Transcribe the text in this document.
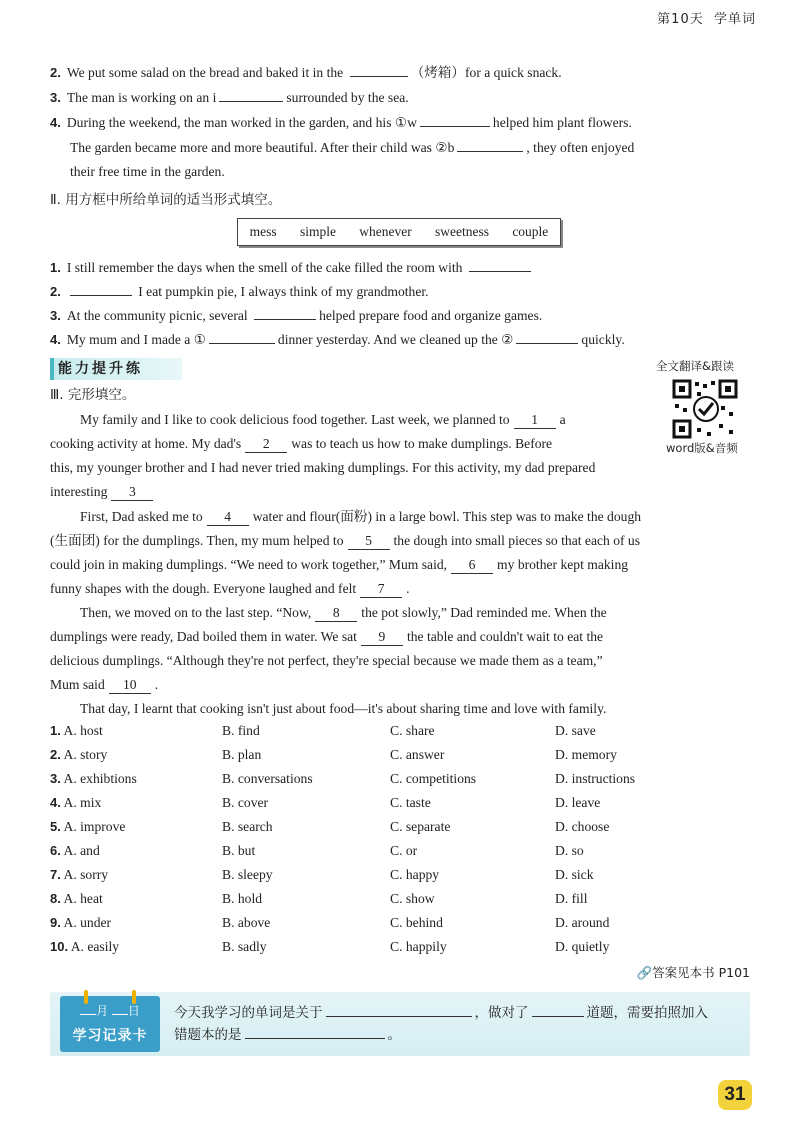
第10天 学单词
2. We put some salad on the bread and baked it in the	（烤箱）for a quick snack.
3. The man is working on an i	surrounded by the sea.
4. During the weekend, the man worked in the garden, and his ①w	helped him plant flowers.
The garden became more and more beautiful. After their child was ②b	, they often enjoyed
their free time in the garden.
Ⅱ. 用方框中所给单词的适当形式填空。
mess simple whenever sweetness couple
1. I still remember the days when the smell of the cake filled the room with
2.	I eat pumpkin pie, I always think of my grandmother.
3. At the community picnic, several	helped prepare food and organize games.
4. My mum and I made a ①	dinner yesterday. And we cleaned up the ②	quickly.
能力提升练	全文翻译&跟读
word版&音频
Ⅲ. 完形填空。
My family and I like to cook delicious food together. Last week, we planned to 1 a
cooking activity at home. My dad's 2 was to teach us how to make dumplings. Before
this, my younger brother and I had never tried making dumplings. For this activity, my dad prepared
interesting 3
First, Dad asked me to 4 water and flour(面粉) in a large bowl. This step was to make the dough
(生面团) for the dumplings. Then, my mum helped to 5 the dough into small pieces so that each of us
could join in making dumplings. “We need to work together,” Mum said, 6 my brother kept making
funny shapes with the dough. Everyone laughed and felt 7 .
Then, we moved on to the last step. “Now, 8 the pot slowly,” Dad reminded me. When the
dumplings were ready, Dad boiled them in water. We sat 9 the table and couldn't wait to eat the
delicious dumplings. “Although they're not perfect, they're special because we made them as a team,”
Mum said 10 .
That day, I learnt that cooking isn't just about food—it's about sharing time and love with family.
1. A. host	B. find	C. share	D. save
2. A. story	B. plan	C. answer	D. memory
3. A. exhibtions	B. conversations	C. competitions	D. instructions
4. A. mix	B. cover	C. taste	D. leave
5. A. improve	B. search	C. separate	D. choose
6. A. and	B. but	C. or	D. so
7. A. sorry	B. sleepy	C. happy	D. sick
8. A. heat	B. hold	C. show	D. fill
9. A. under	B. above	C. behind	D. around
10. A. easily	B. sadly	C. happily	D. quietly
🔗答案见本书 P101
月 日
学习记录卡
今天我学习的单词是关于	，做对了	道题，需要拍照加入
错题本的是	。
31
